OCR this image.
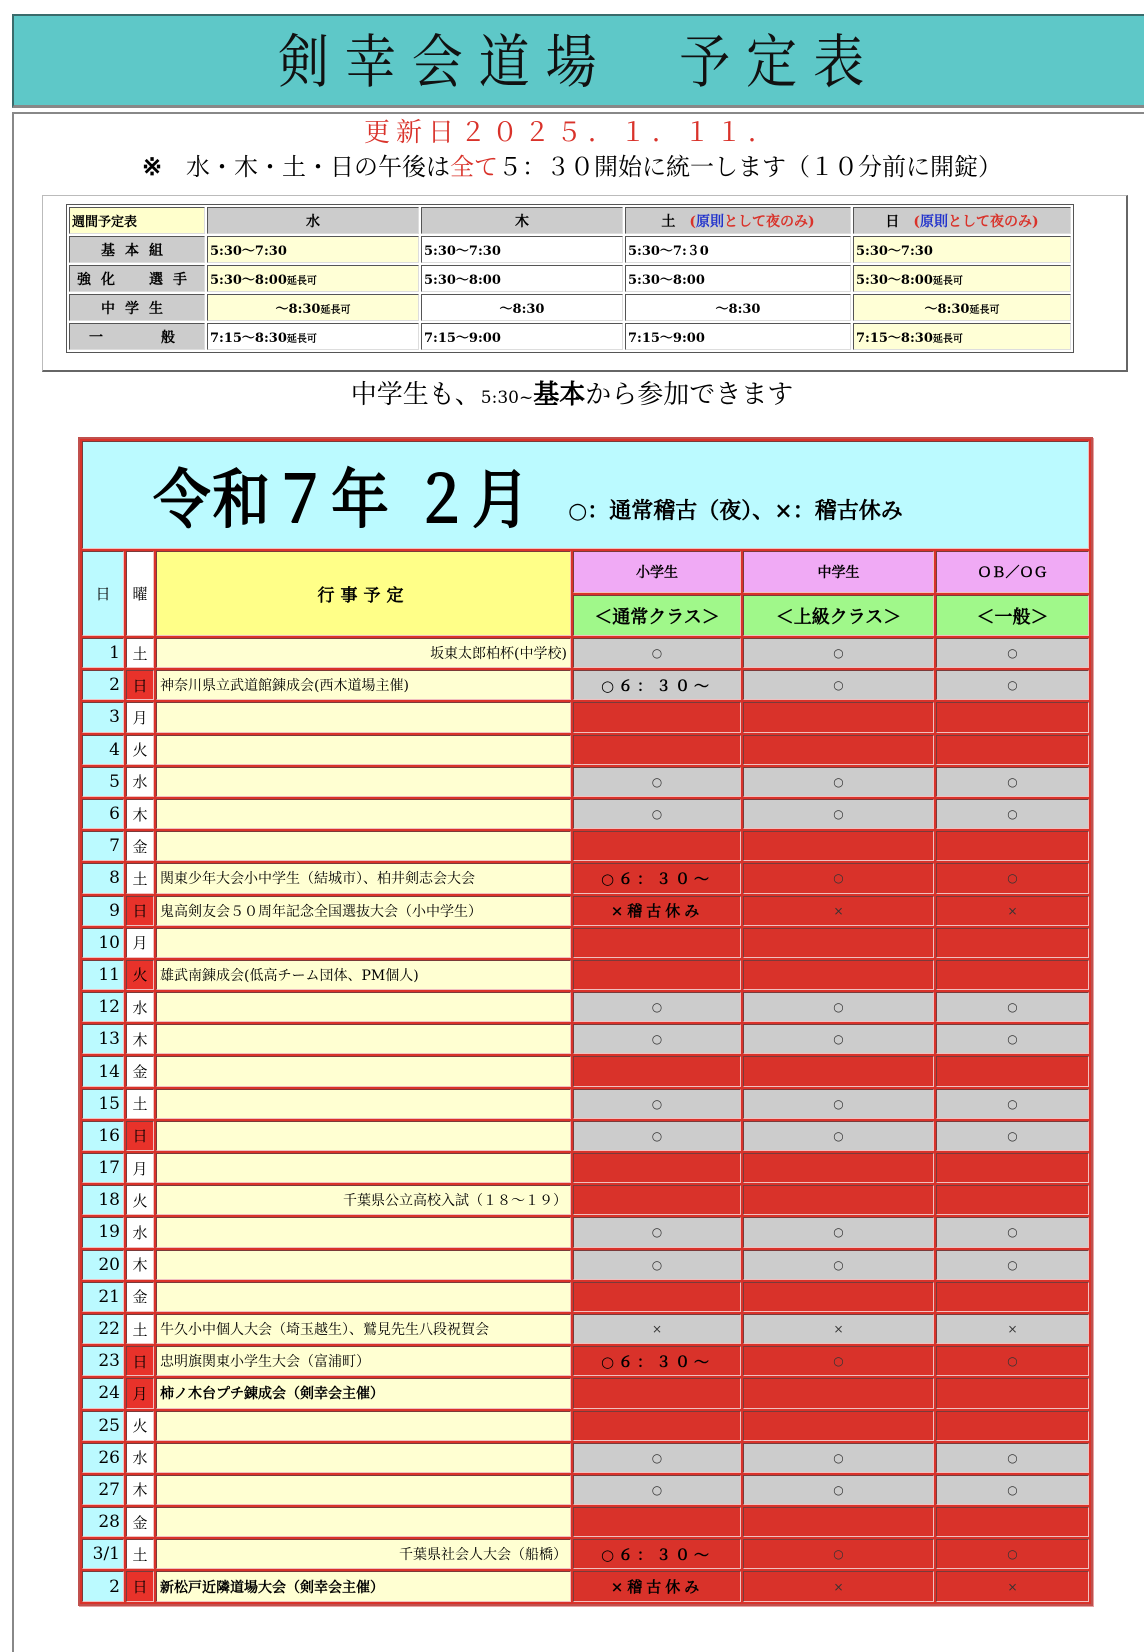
剣幸会道場　予定表
更新日２０２５．１．１１．
※ 水・木・土・日の午後は全て５：３０開始に統一します（１０分前に開錠）
週間予定表	水	木	土　 (原則として夜のみ)	日　 (原則として夜のみ)
基本組	5:30〜7:30	5:30〜7:30	5:30〜7:３0	5:30〜7:30
強化　選手	5:30〜8:00延長可	5:30〜8:00	5:30〜8:00	5:30〜8:00延長可
中学生	〜8:30延長可	〜8:30	〜8:30	〜8:30延長可
一　　般	7:15〜8:30延長可	7:15〜9:00	7:15〜9:00	7:15〜8:30延長可
中学生も、5:30~基本から参加できます
令和７年 ２月 ○：通常稽古（夜）、×：稽古休み					
日	曜	行事予定	小学生	中学生	ＯＢ／ＯＧ
			＜通常クラス＞	＜上級クラス＞	＜一般＞
1	土	坂東太郎柏杯(中学校)	○	○	○
2	日	神奈川県立武道館錬成会(西木道場主催)	○６：３０〜	○	○
3	月				
4	火				
5	水		○	○	○
6	木		○	○	○
7	金				
8	土	関東少年大会小中学生（結城市）、柏井剣志会大会	○６：３０〜	○	○
9	日	鬼高剣友会５０周年記念全国選抜大会（小中学生）	×稽古休み	×	×
10	月				
11	火	雄武南錬成会(低高チーム団体、PM個人)			
12	水		○	○	○
13	木		○	○	○
14	金				
15	土		○	○	○
16	日		○	○	○
17	月				
18	火	千葉県公立高校入試（１８〜１９）			
19	水		○	○	○
20	木		○	○	○
21	金				
22	土	牛久小中個人大会（埼玉越生）、鷲見先生八段祝賀会	×	×	×
23	日	忠明旗関東小学生大会（富浦町）	○６：３０〜	○	○
24	月	柿ノ木台プチ錬成会（剣幸会主催）			
25	火				
26	水		○	○	○
27	木		○	○	○
28	金				
3/1	土	千葉県社会人大会（船橋）	○６：３０〜	○	○
2	日	新松戸近隣道場大会（剣幸会主催）	×稽古休み	×	×
